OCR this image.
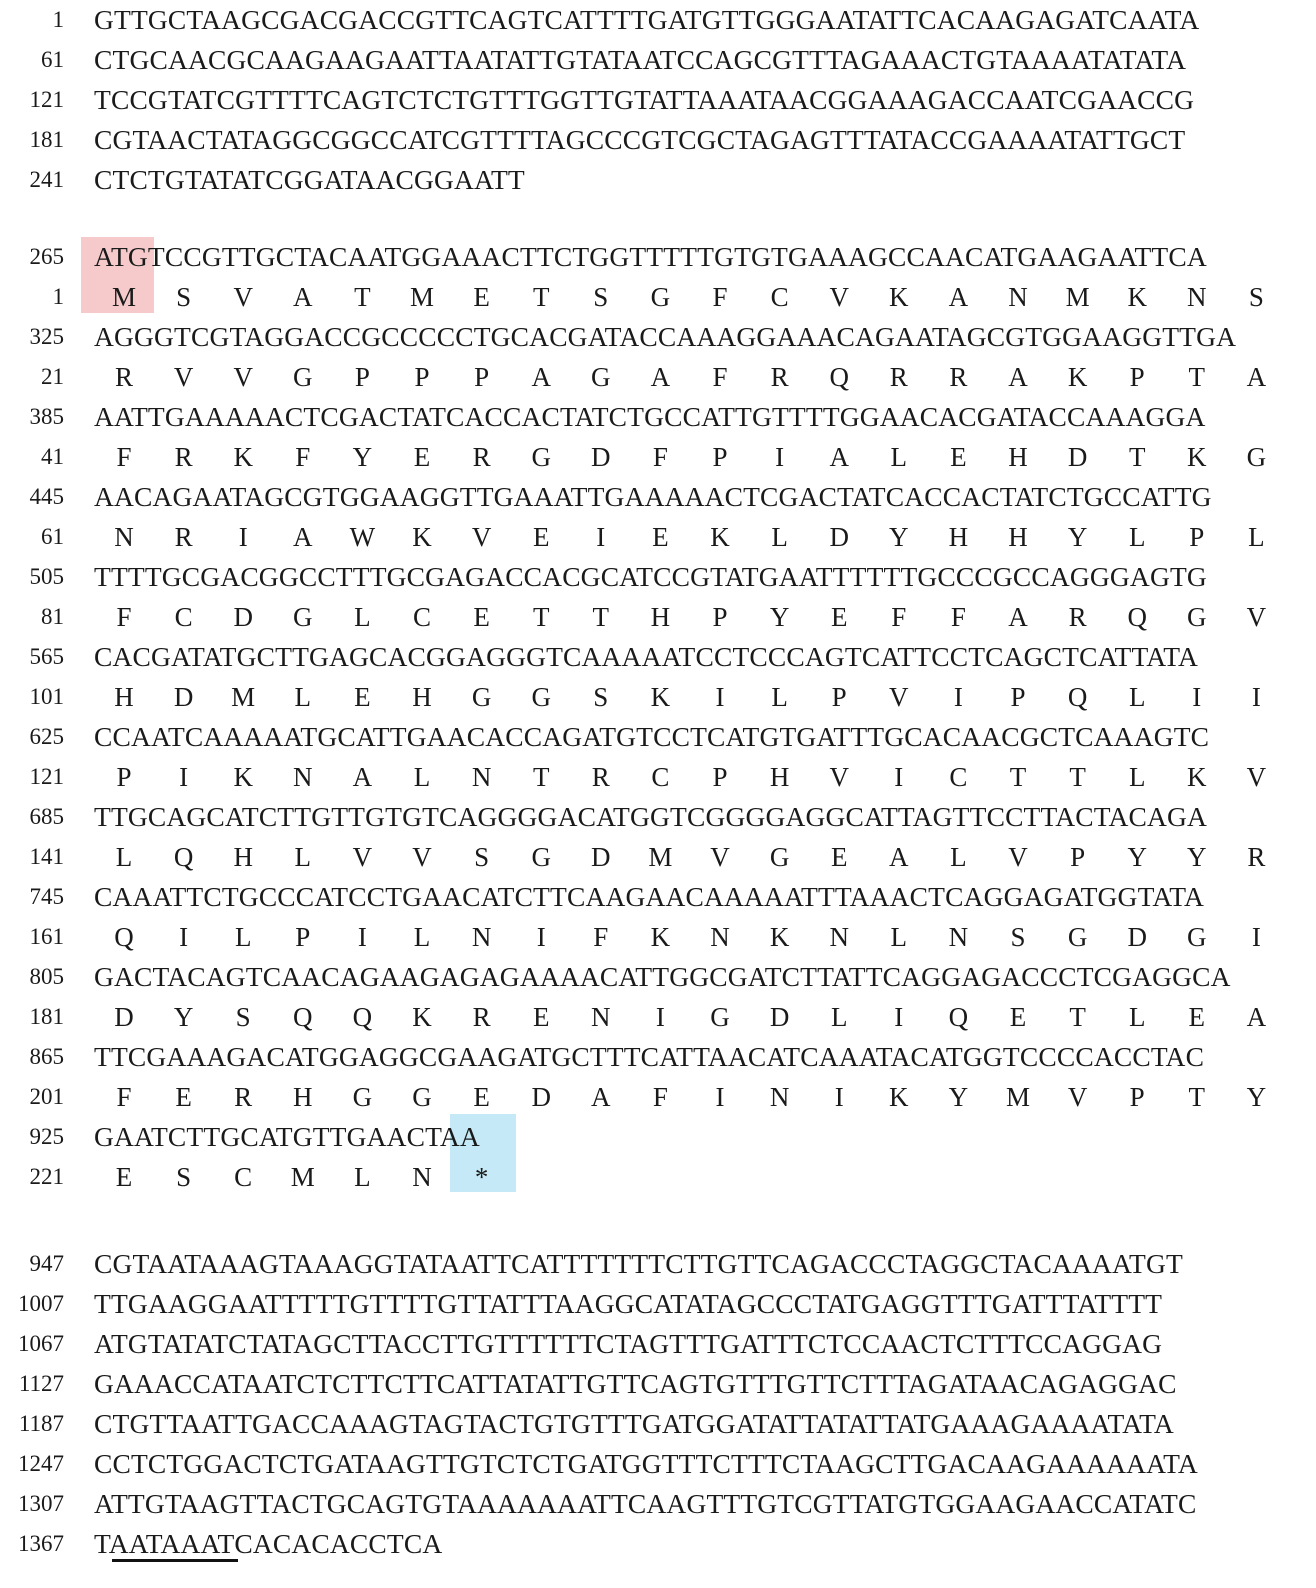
1 GTTGCTAAGCGACGACCGTTCAGTCATTTTGATGTTGGGAATATTCACAAGAGATCAATA
61 CTGCAACGCAAGAAGAATTAATATTGTATAATCCAGCGTTTAGAAACTGTAAAATATATA
121 TCCGTATCGTTTTCAGTCTCTGTTTGGTTGTATTAAATAACGGAAAGACCAATCGAACCG
181 CGTAACTATAGGCGGCCATCGTTTTAGCCCGTCGCTAGAGTTTATACCGAAAATATTGCT
241 CTCTGTATATCGGATAACGGAATT
265 ATGTCCGTTGCTACAATGGAAACTTCTGGTTTTTGTGTGAAAGCCAACATGAAGAATTCA
1	M	S	V	A	T	M	E	T	S	G	F	C	V	K	A	N	M	K	N	S
325 AGGGTCGTAGGACCGCCCCCTGCACGATACCAAAGGAAACAGAATAGCGTGGAAGGTTGA
21	R	V	V	G	P	P	P	A	G	A	F	R	Q	R	R	A	K	P	T	A
385 AATTGAAAAACTCGACTATCACCACTATCTGCCATTGTTTTGGAACACGATACCAAAGGA
41	F	R	K	F	Y	E	R	G	D	F	P	I	A	L	E	H	D	T	K	G
445 AACAGAATAGCGTGGAAGGTTGAAATTGAAAAACTCGACTATCACCACTATCTGCCATTG
61	N	R	I	A	W	K	V	E	I	E	K	L	D	Y	H	H	Y	L	P	L
505 TTTTGCGACGGCCTTTGCGAGACCACGCATCCGTATGAATTTTTTGCCCGCCAGGGAGTG
81	F	C	D	G	L	C	E	T	T	H	P	Y	E	F	F	A	R	Q	G	V
565 CACGATATGCTTGAGCACGGAGGGTCAAAAATCCTCCCAGTCATTCCTCAGCTCATTATA
101	H	D	M	L	E	H	G	G	S	K	I	L	P	V	I	P	Q	L	I	I
625 CCAATCAAAAATGCATTGAACACCAGATGTCCTCATGTGATTTGCACAACGCTCAAAGTC
121	P	I	K	N	A	L	N	T	R	C	P	H	V	I	C	T	T	L	K	V
685 TTGCAGCATCTTGTTGTGTCAGGGGACATGGTCGGGGAGGCATTAGTTCCTTACTACAGA
141	L	Q	H	L	V	V	S	G	D	M	V	G	E	A	L	V	P	Y	Y	R
745 CAAATTCTGCCCATCCTGAACATCTTCAAGAACAAAAATTTAAACTCAGGAGATGGTATA
161	Q	I	L	P	I	L	N	I	F	K	N	K	N	L	N	S	G	D	G	I
805 GACTACAGTCAACAGAAGAGAGAAAACATTGGCGATCTTATTCAGGAGACCCTCGAGGCA
181	D	Y	S	Q	Q	K	R	E	N	I	G	D	L	I	Q	E	T	L	E	A
865 TTCGAAAGACATGGAGGCGAAGATGCTTTCATTAACATCAAATACATGGTCCCCACCTAC
201	F	E	R	H	G	G	E	D	A	F	I	N	I	K	Y	M	V	P	T	Y
925 GAATCTTGCATGTTGAACTAA
221	E	S	C	M	L	N	*
947 CGTAATAAAGTAAAGGTATAATTCATTTTTTTCTTGTTCAGACCCTAGGCTACAAAATGT
1007 TTGAAGGAATTTTTGTTTTGTTATTTAAGGCATATAGCCCTATGAGGTTTGATTTATTTT
1067 ATGTATATCTATAGCTTACCTTGTTTTTTCTAGTTTGATTTCTCCAACTCTTTCCAGGAG
1127 GAAACCATAATCTCTTCTTCATTATATTGTTCAGTGTTTGTTCTTTAGATAACAGAGGAC
1187 CTGTTAATTGACCAAAGTAGTACTGTGTTTGATGGATATTATATTATGAAAGAAAATATA
1247 CCTCTGGACTCTGATAAGTTGTCTCTGATGGTTTCTTTCTAAGCTTGACAAGAAAAAATA
1307 ATTGTAAGTTACTGCAGTGTAAAAAAATTCAAGTTTGTCGTTATGTGGAAGAACCATATC
1367 TAATAAATCACACACCTCA
